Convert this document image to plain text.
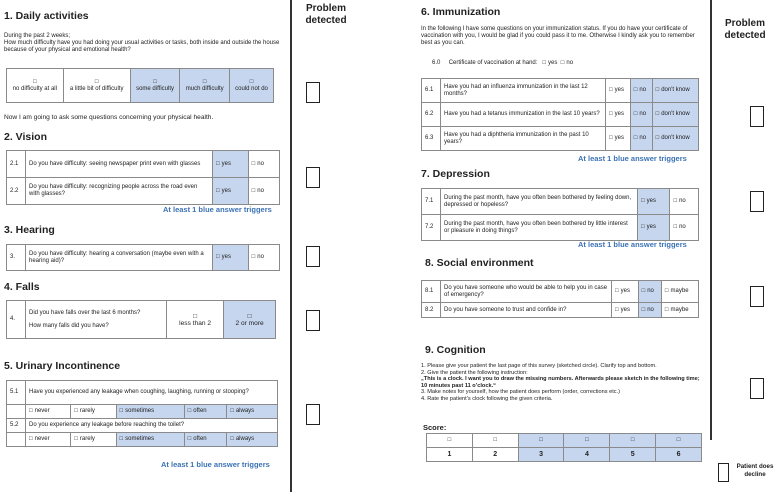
1. Daily activities
During the past 2 weeks;
How much difficulty have you had doing your usual activities or tasks, both inside and outside the house because of your physical and emotional health?
□
no difficulty at all

□
a little bit of difficulty

□
some difficulty

□
much difficulty

□
could not do
Now I am going to ask some questions concerning your physical health.
2. Vision
2.1	Do you have difficulty: seeing newspaper print even with glasses	□yes	□no
2.2	Do you have difficulty: recognizing people across the road even with glasses?	□ yes	□no
At least 1 blue answer triggers
3. Hearing
3.	Do you have difficulty: hearing a conversation (maybe even with a hearing aid)?	□ yes	□no
4. Falls
4.	
Did you have falls over the last 6 months?
How many falls did you have?

□
less than 2

□
2 or more
5. Urinary Incontinence
5.1	Have you experienced any leakage when coughing, laughing, running or stooping?				
	□ never	□rarely	□sometimes	□often	□always
5.2	Do you experience any leakage before reaching the toilet?				
	□ never	□rarely	□sometimes	□often	□always
At least 1 blue answer triggers
Problem detected
6. Immunization
In the following I have some questions on your immunization status. If you do have your certificate of vaccination with you, I would be glad if you could pass it to me. Otherwise I kindly ask you to remember best as you can.
6.0 Certificate of vaccination at hand: □ yes □ no
6.1	Have you had an influenza immunization in the last 12 months?	□ yes	□no	□don't know
6.2	Have you had a tetanus immunization in the last 10 years?	□yes	□no	□don't know
6.3	Have you had a diphtheria immunization in the past 10 years?	□ yes	□no	□don't know
At least 1 blue answer triggers
7. Depression
7.1	During the past month, have you often been bothered by feeling down, depressed or hopeless?	□ yes	□no
7.2	During the past month, have you often been bothered by little interest or pleasure in doing things?	□ yes	□no
At least 1 blue answer triggers
8. Social environment
8.1	Do you have someone who would be able to help you in case of emergency?	□ yes	□no	□maybe
8.2	Do you have someone to trust and confide in?	□yes	□no	□maybe
9. Cognition
1. Please give your patient the last page of this survey (sketched circle). Clarify top and bottom.
2. Give the patient the following instruction:
„This is a clock. I want you to draw the missing numbers. Afterwards please sketch in the following time; 10 minutes past 11 o’clock.“
3. Make notes for yourself, how the patient does perform (order, corrections etc.)
4. Rate the patient’s clock following the given criteria.
Score:
□	□	□	□	□	□
1	2	3	4	5	6
Problem detected
Patient does decline
